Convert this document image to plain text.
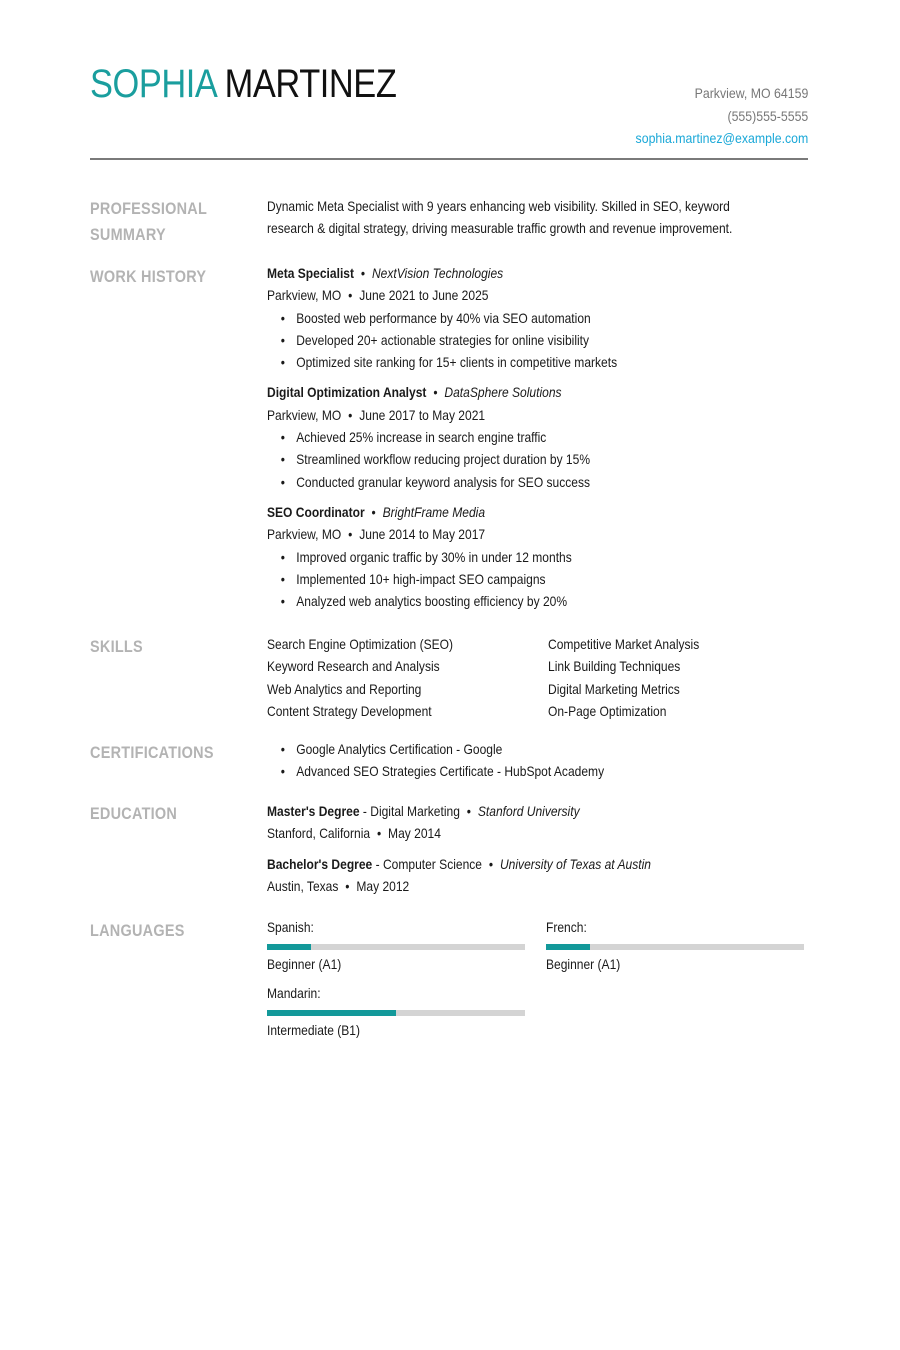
SOPHIA MARTINEZ	Parkview, MO 64159
(555)555-5555
sophia.martinez@example.com
PROFESSIONAL
SUMMARY
Dynamic Meta Specialist with 9 years enhancing web visibility. Skilled in SEO, keyword
research & digital strategy, driving measurable traffic growth and revenue improvement.
WORK HISTORY	Meta Specialist • NextVision Technologies
Parkview, MO • June 2021 to June 2025
• Boosted web performance by 40% via SEO automation
• Developed 20+ actionable strategies for online visibility
• Optimized site ranking for 15+ clients in competitive markets
Digital Optimization Analyst • DataSphere Solutions
Parkview, MO • June 2017 to May 2021
• Achieved 25% increase in search engine traffic
• Streamlined workflow reducing project duration by 15%
• Conducted granular keyword analysis for SEO success
SEO Coordinator • BrightFrame Media
Parkview, MO • June 2014 to May 2017
• Improved organic traffic by 30% in under 12 months
• Implemented 10+ high-impact SEO campaigns
• Analyzed web analytics boosting efficiency by 20%
SKILLS	Search Engine Optimization (SEO)	Competitive Market Analysis
Keyword Research and Analysis	Link Building Techniques
Web Analytics and Reporting	Digital Marketing Metrics
Content Strategy Development	On-Page Optimization
CERTIFICATIONS	• Google Analytics Certification - Google
• Advanced SEO Strategies Certificate - HubSpot Academy
EDUCATION	Master's Degree - Digital Marketing • Stanford University
Stanford, California • May 2014
Bachelor's Degree - Computer Science • University of Texas at Austin
Austin, Texas • May 2012
LANGUAGES	Spanish:
Beginner (A1)
French:
Beginner (A1)
Mandarin:
Intermediate (B1)
